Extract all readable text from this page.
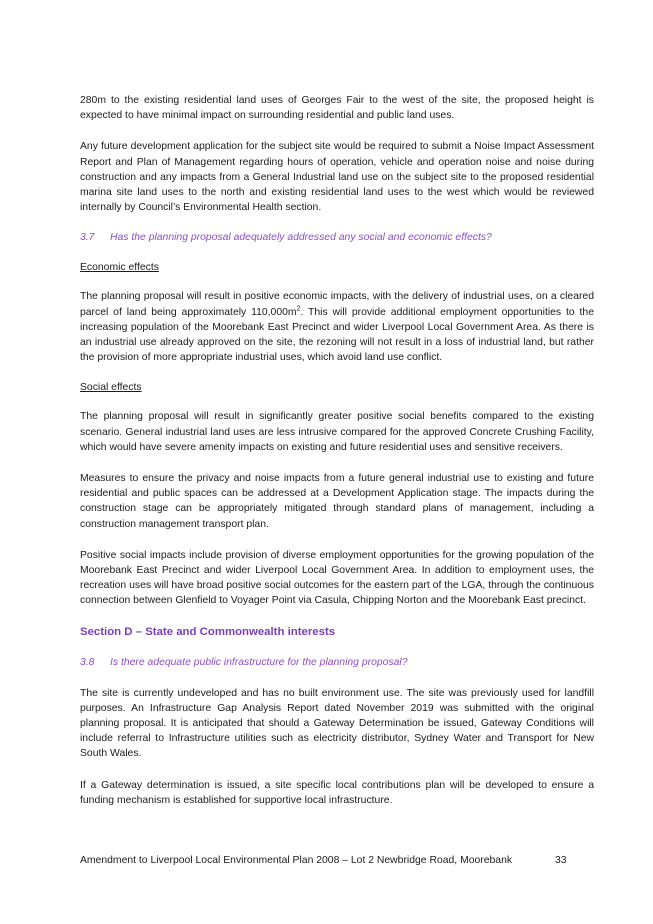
280m to the existing residential land uses of Georges Fair to the west of the site, the proposed height is expected to have minimal impact on surrounding residential and public land uses.

Any future development application for the subject site would be required to submit a Noise Impact Assessment Report and Plan of Management regarding hours of operation, vehicle and operation noise and noise during construction and any impacts from a General Industrial land use on the subject site to the proposed residential marina site land uses to the north and existing residential land uses to the west which would be reviewed internally by Council’s Environmental Health section.

3.7 Has the planning proposal adequately addressed any social and economic effects?
Economic effects

The planning proposal will result in positive economic impacts, with the delivery of industrial uses, on a cleared parcel of land being approximately $110,000m^2$. This will provide additional employment opportunities to the increasing population of the Moorebank East Precinct and wider Liverpool Local Government Area. As there is an industrial use already approved on the site, the rezoning will not result in a loss of industrial land, but rather the provision of more appropriate industrial uses, which avoid land use conflict.

Social effects

The planning proposal will result in significantly greater positive social benefits compared to the existing scenario. General industrial land uses are less intrusive compared for the approved Concrete Crushing Facility, which would have severe amenity impacts on existing and future residential uses and sensitive receivers.

Measures to ensure the privacy and noise impacts from a future general industrial use to existing and future residential and public spaces can be addressed at a Development Application stage. The impacts during the construction stage can be appropriately mitigated through standard plans of management, including a construction management transport plan.

Positive social impacts include provision of diverse employment opportunities for the growing population of the Moorebank East Precinct and wider Liverpool Local Government Area. In addition to employment uses, the recreation uses will have broad positive social outcomes for the eastern part of the LGA, through the continuous connection between Glenfield to Voyager Point via Casula, Chipping Norton and the Moorebank East precinct.

Section D – State and Commonwealth interests
3.8 Is there adequate public infrastructure for the planning proposal?

The site is currently undeveloped and has no built environment use. The site was previously used for landfill purposes. An Infrastructure Gap Analysis Report dated November 2019 was submitted with the original planning proposal. It is anticipated that should a Gateway Determination be issued, Gateway Conditions will include referral to Infrastructure utilities such as electricity distributor, Sydney Water and Transport for New South Wales.

If a Gateway determination is issued, a site specific local contributions plan will be developed to ensure a funding mechanism is established for supportive local infrastructure.

Amendment to Liverpool Local Environmental Plan 2008 – Lot 2 Newbridge Road, Moorebank	33
